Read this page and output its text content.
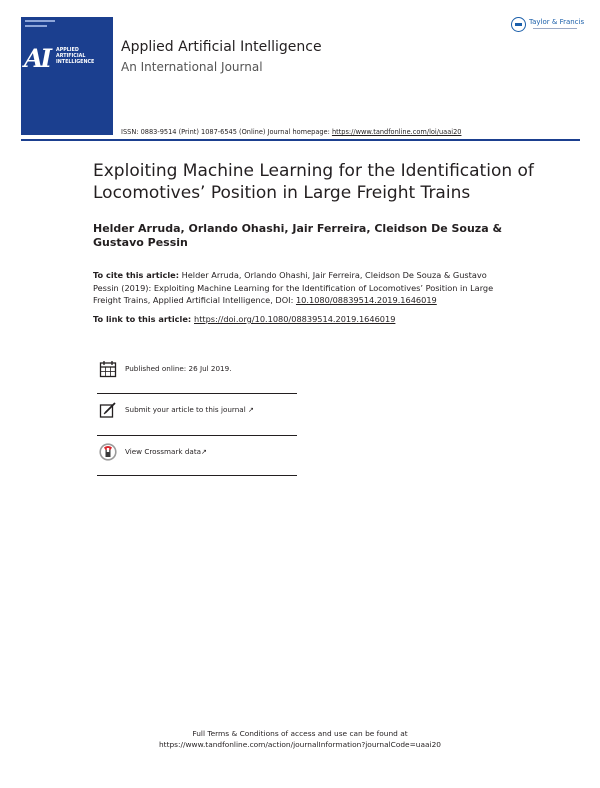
AI APPLIED
ARTIFICIAL
INTELLIGENCE
Applied Artificial Intelligence
An International Journal
Taylor & Francis
ISSN: 0883-9514 (Print) 1087-6545 (Online) Journal homepage: https://www.tandfonline.com/loi/uaai20
Exploiting Machine Learning for the Identification of Locomotives’ Position in Large Freight Trains
Helder Arruda, Orlando Ohashi, Jair Ferreira, Cleidson De Souza & Gustavo Pessin
To cite this article: Helder Arruda, Orlando Ohashi, Jair Ferreira, Cleidson De Souza & Gustavo Pessin (2019): Exploiting Machine Learning for the Identification of Locomotives’ Position in Large Freight Trains, Applied Artificial Intelligence, DOI: 10.1080/08839514.2019.1646019
To link to this article: https://doi.org/10.1080/08839514.2019.1646019
Published online: 26 Jul 2019.
Submit your article to this journal ↗
View Crossmark data↗
Full Terms & Conditions of access and use can be found at
https://www.tandfonline.com/action/journalInformation?journalCode=uaai20
